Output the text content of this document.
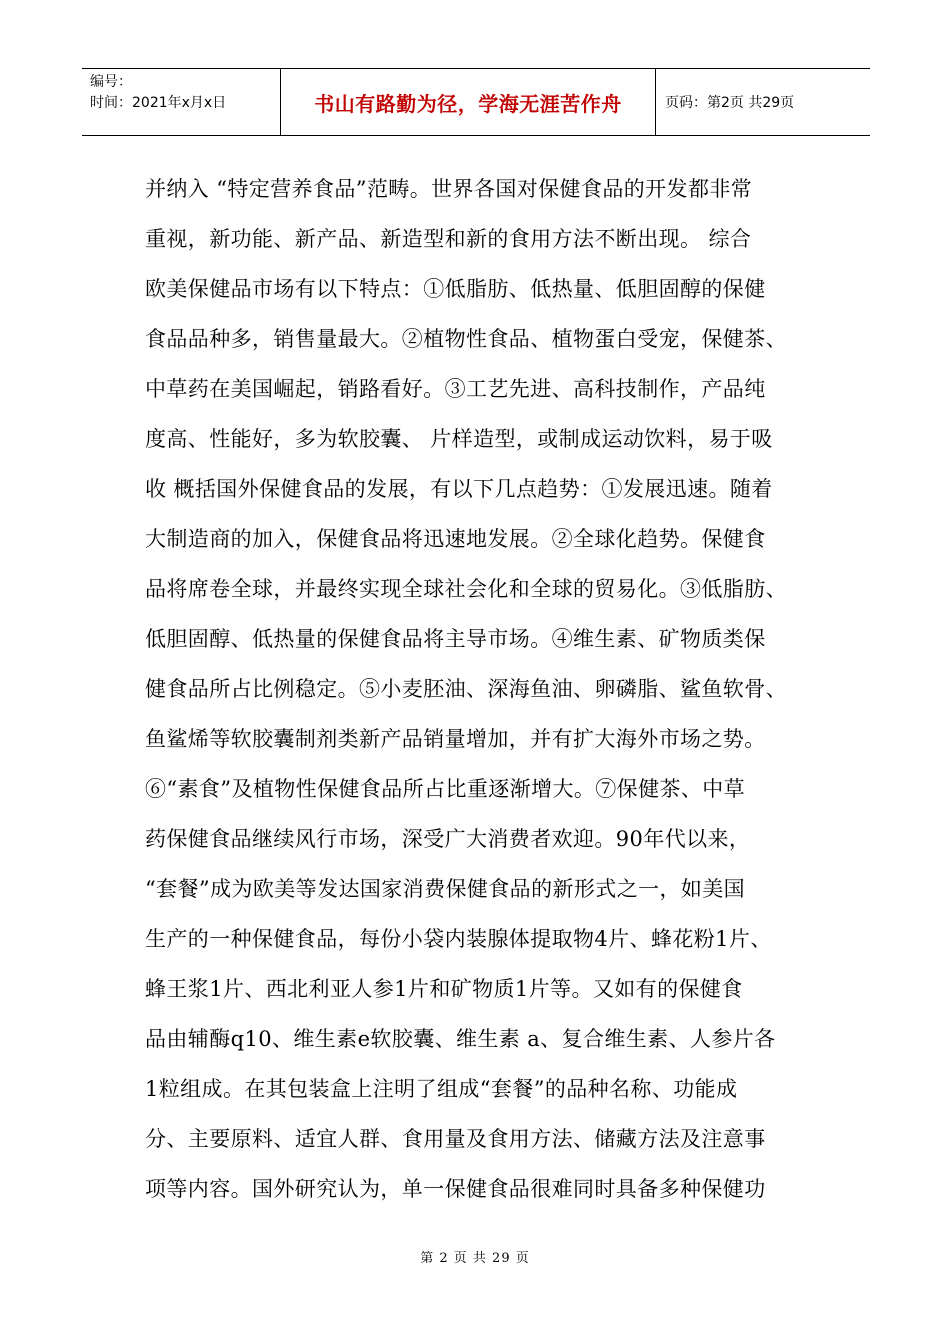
编号：
时间：2021年x月x日	书山有路勤为径，学海无涯苦作舟	页码：第2页 共29页
并纳入 “特定营养食品”范畴。世界各国对保健食品的开发都非常
重视，新功能、新产品、新造型和新的食用方法不断出现。 综合
欧美保健品市场有以下特点：①低脂肪、低热量、低胆固醇的保健
食品品种多，销售量最大。②植物性食品、植物蛋白受宠，保健茶、
中草药在美国崛起，销路看好。③工艺先进、高科技制作，产品纯
度高、性能好，多为软胶囊、 片样造型，或制成运动饮料，易于吸
收 概括国外保健食品的发展，有以下几点趋势：①发展迅速。随着
大制造商的加入，保健食品将迅速地发展。②全球化趋势。保健食
品将席卷全球，并最终实现全球社会化和全球的贸易化。③低脂肪、
低胆固醇、低热量的保健食品将主导市场。④维生素、矿物质类保
健食品所占比例稳定。⑤小麦胚油、深海鱼油、卵磷脂、鲨鱼软骨、
鱼鲨烯等软胶囊制剂类新产品销量增加，并有扩大海外市场之势。
⑥“素食”及植物性保健食品所占比重逐渐增大。⑦保健茶、中草
药保健食品继续风行市场，深受广大消费者欢迎。90年代以来，
“套餐”成为欧美等发达国家消费保健食品的新形式之一，如美国
生产的一种保健食品，每份小袋内装腺体提取物4片、蜂花粉1片、
蜂王浆1片、西北利亚人参1片和矿物质1片等。又如有的保健食
品由辅酶q10、维生素e软胶囊、维生素 a、复合维生素、人参片各
1粒组成。在其包装盒上注明了组成“套餐”的品种名称、功能成
分、主要原料、适宜人群、食用量及食用方法、储藏方法及注意事
项等内容。国外研究认为，单一保健食品很难同时具备多种保健功
第 2 页 共 29 页
